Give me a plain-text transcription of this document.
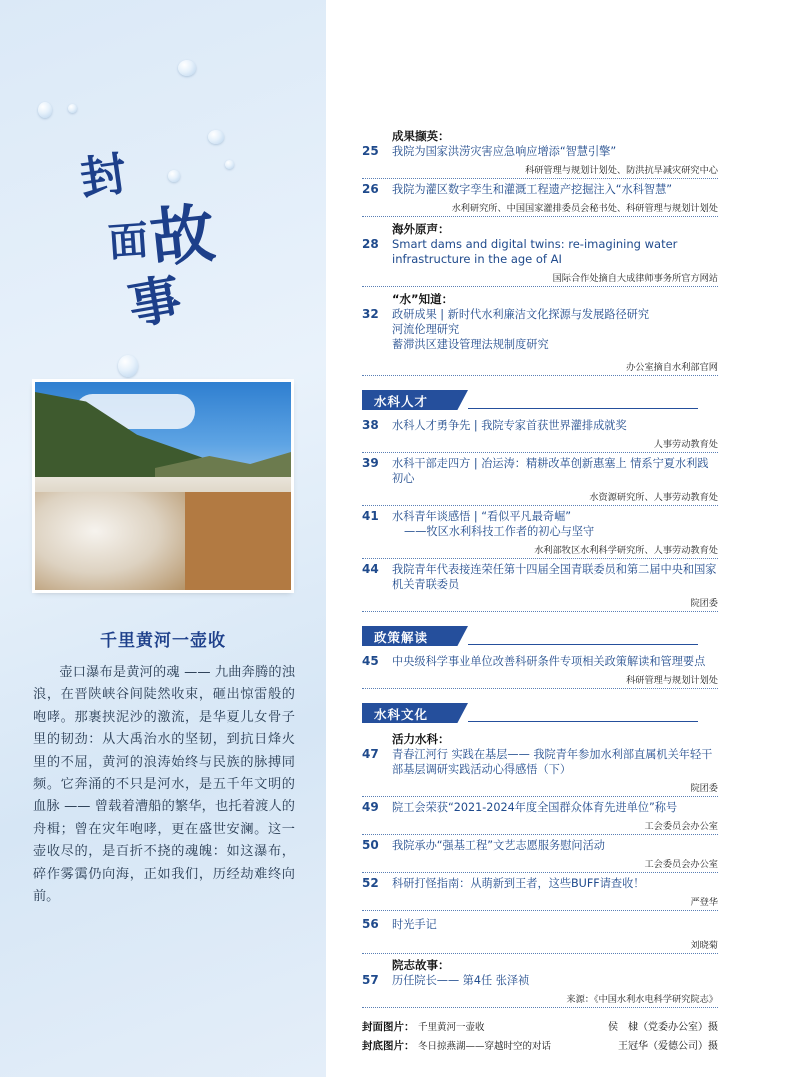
封
面
故
事
千里黄河一壶收
壶口瀑布是黄河的魂 —— 九曲奔腾的浊浪，在晋陕峡谷间陡然收束，砸出惊雷般的咆哮。那裹挟泥沙的激流，是华夏儿女骨子里的韧劲：从大禹治水的坚韧，到抗日烽火里的不屈，黄河的浪涛始终与民族的脉搏同频。它奔涌的不只是河水，是五千年文明的血脉 —— 曾载着漕船的繁华，也托着渡人的舟楫；曾在灾年咆哮，更在盛世安澜。这一壶收尽的，是百折不挠的魂魄：如这瀑布，碎作雾霭仍向海，正如我们，历经劫难终向前。
成果撷英：
25	我院为国家洪涝灾害应急响应增添“智慧引擎”
科研管理与规划计划处、防洪抗旱减灾研究中心
26	我院为灌区数字孪生和灌溉工程遗产挖掘注入“水科智慧”
水利研究所、中国国家灌排委员会秘书处、科研管理与规划计划处
海外原声：
28	Smart dams and digital twins: re-imagining water infrastructure in the age of AI
国际合作处摘自大成律师事务所官方网站
“水”知道：
32	政研成果 | 新时代水利廉洁文化探源与发展路径研究
河流伦理研究
蓄滞洪区建设管理法规制度研究
办公室摘自水利部官网
水科人才
38	水科人才勇争先 | 我院专家首获世界灌排成就奖
人事劳动教育处
39	水科干部走四方 | 冶运涛：精耕改革创新惠塞上 情系宁夏水利践初心
水资源研究所、人事劳动教育处
41	水科青年谈感悟 | “看似平凡最奇崛”
——牧区水利科技工作者的初心与坚守
水利部牧区水利科学研究所、人事劳动教育处
44	我院青年代表接连荣任第十四届全国青联委员和第二届中央和国家机关青联委员
院团委
政策解读
45	中央级科学事业单位改善科研条件专项相关政策解读和管理要点
科研管理与规划计划处
水科文化
活力水科：
47	青春江河行 实践在基层—— 我院青年参加水利部直属机关年轻干部基层调研实践活动心得感悟（下）
院团委
49	院工会荣获“2021-2024年度全国群众体育先进单位”称号
工会委员会办公室
50	我院承办“强基工程”文艺志愿服务慰问活动
工会委员会办公室
52	科研打怪指南：从萌新到王者，这些BUFF请查收！
严登华
56	时光手记
刘晓菊
院志故事：
57	历任院长—— 第4任 张泽祯
来源：《中国水利水电科学研究院志》
封面图片： 千里黄河一壶收	侯　棣（党委办公室）摄
封底图片： 冬日掠燕湖——穿越时空的对话	王冠华（爱德公司）摄
